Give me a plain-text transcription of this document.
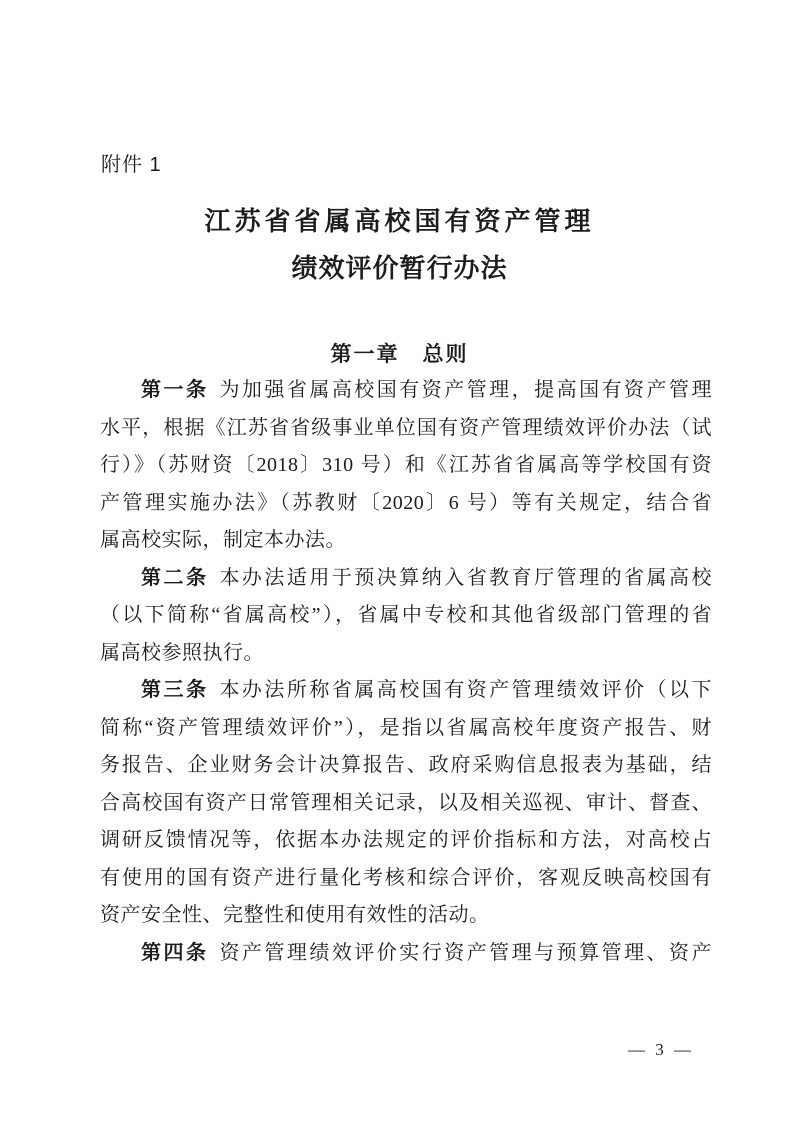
附件 1
江苏省省属高校国有资产管理
绩效评价暂行办法
第一章　总则

第一条 为加强省属高校国有资产管理，提高国有资产管理

水平，根据《江苏省省级事业单位国有资产管理绩效评价办法（试

行）》（苏财资〔2018〕310 号）和《江苏省省属高等学校国有资

产管理实施办法》（苏教财〔2020〕6 号）等有关规定，结合省

属高校实际，制定本办法。

第二条 本办法适用于预决算纳入省教育厅管理的省属高校

（以下简称“省属高校”），省属中专校和其他省级部门管理的省

属高校参照执行。

第三条 本办法所称省属高校国有资产管理绩效评价（以下

简称“资产管理绩效评价”），是指以省属高校年度资产报告、财

务报告、企业财务会计决算报告、政府采购信息报表为基础，结

合高校国有资产日常管理相关记录，以及相关巡视、审计、督查、

调研反馈情况等，依据本办法规定的评价指标和方法，对高校占

有使用的国有资产进行量化考核和综合评价，客观反映高校国有

资产安全性、完整性和使用有效性的活动。

第四条 资产管理绩效评价实行资产管理与预算管理、资产

— 3 —
